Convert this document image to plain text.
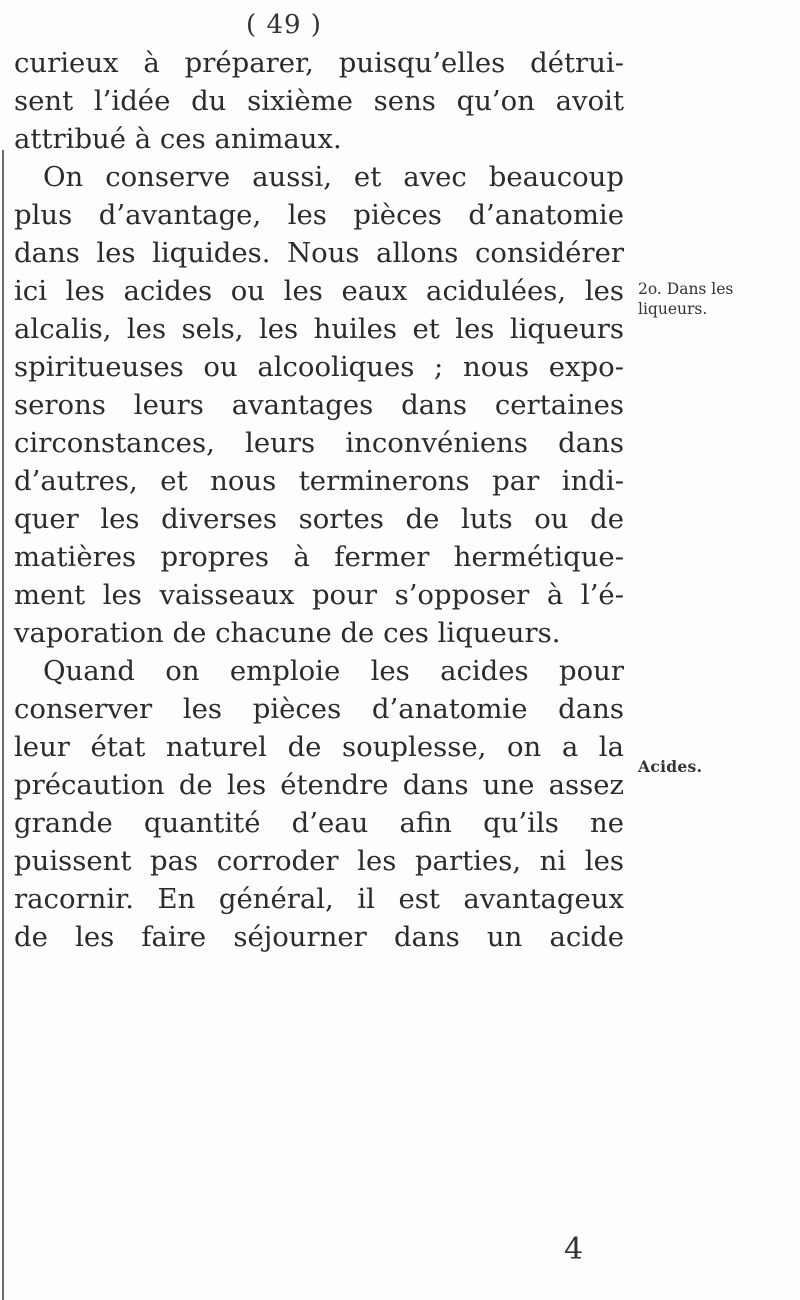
( 49 )
curieux à préparer, puisqu’elles détrui-
sent l’idée du sixième sens qu’on avoit
attribué à ces animaux.
On conserve aussi, et avec beaucoup
plus d’avantage, les pièces d’anatomie
dans les liquides. Nous allons considérer
ici les acides ou les eaux acidulées, les
alcalis, les sels, les huiles et les liqueurs
spiritueuses ou alcooliques ; nous expo-
serons leurs avantages dans certaines
circonstances, leurs inconvéniens dans
d’autres, et nous terminerons par indi-
quer les diverses sortes de luts ou de
matières propres à fermer hermétique-
ment les vaisseaux pour s’opposer à l’é-
vaporation de chacune de ces liqueurs.
Quand on emploie les acides pour
conserver les pièces d’anatomie dans
leur état naturel de souplesse, on a la
précaution de les étendre dans une assez
grande quantité d’eau afin qu’ils ne
puissent pas corroder les parties, ni les
racornir. En général, il est avantageux
de les faire séjourner dans un acide
2o. Dans les
liqueurs.
Acides.
4
